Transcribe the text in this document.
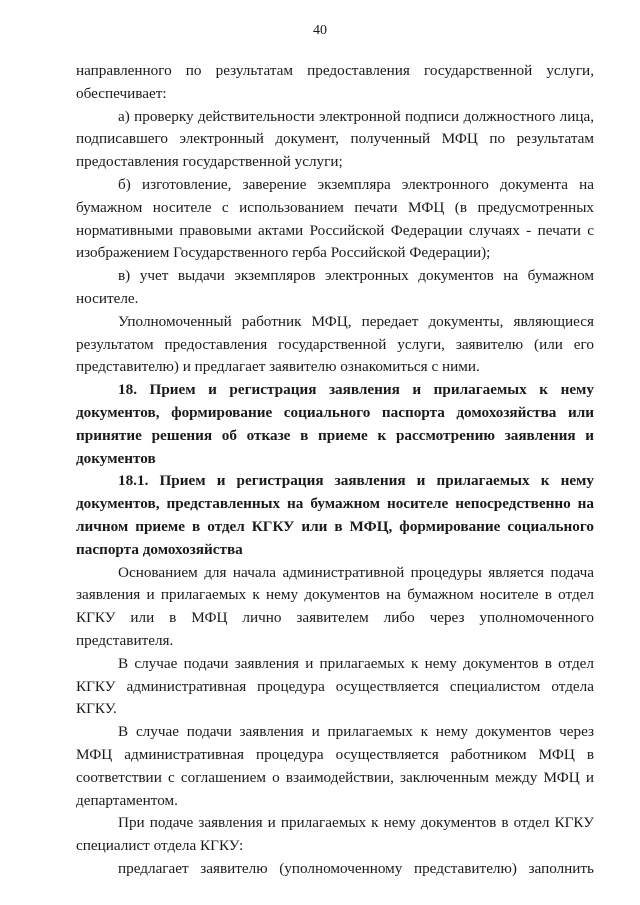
40

направленного по результатам предоставления государственной услуги, обеспечивает:

а) проверку действительности электронной подписи должностного лица, подписавшего электронный документ, полученный МФЦ по результатам предоставления государственной услуги;

б) изготовление, заверение экземпляра электронного документа на бумажном носителе с использованием печати МФЦ (в предусмотренных нормативными правовыми актами Российской Федерации случаях - печати с изображением Государственного герба Российской Федерации);

в) учет выдачи экземпляров электронных документов на бумажном носителе.

Уполномоченный работник МФЦ, передает документы, являющиеся результатом предоставления государственной услуги, заявителю (или его представителю) и предлагает заявителю ознакомиться с ними.

18. Прием и регистрация заявления и прилагаемых к нему документов, формирование социального паспорта домохозяйства или принятие решения об отказе в приеме к рассмотрению заявления и документов

18.1. Прием и регистрация заявления и прилагаемых к нему документов, представленных на бумажном носителе непосредственно на личном приеме в отдел КГКУ или в МФЦ, формирование социального паспорта домохозяйства

Основанием для начала административной процедуры является подача заявления и прилагаемых к нему документов на бумажном носителе в отдел КГКУ или в МФЦ лично заявителем либо через уполномоченного представителя.

В случае подачи заявления и прилагаемых к нему документов в отдел КГКУ административная процедура осуществляется специалистом отдела КГКУ.

В случае подачи заявления и прилагаемых к нему документов через МФЦ административная процедура осуществляется работником МФЦ в соответствии с соглашением о взаимодействии, заключенным между МФЦ и департаментом.

При подаче заявления и прилагаемых к нему документов в отдел КГКУ специалист отдела КГКУ:

предлагает заявителю (уполномоченному представителю) заполнить
